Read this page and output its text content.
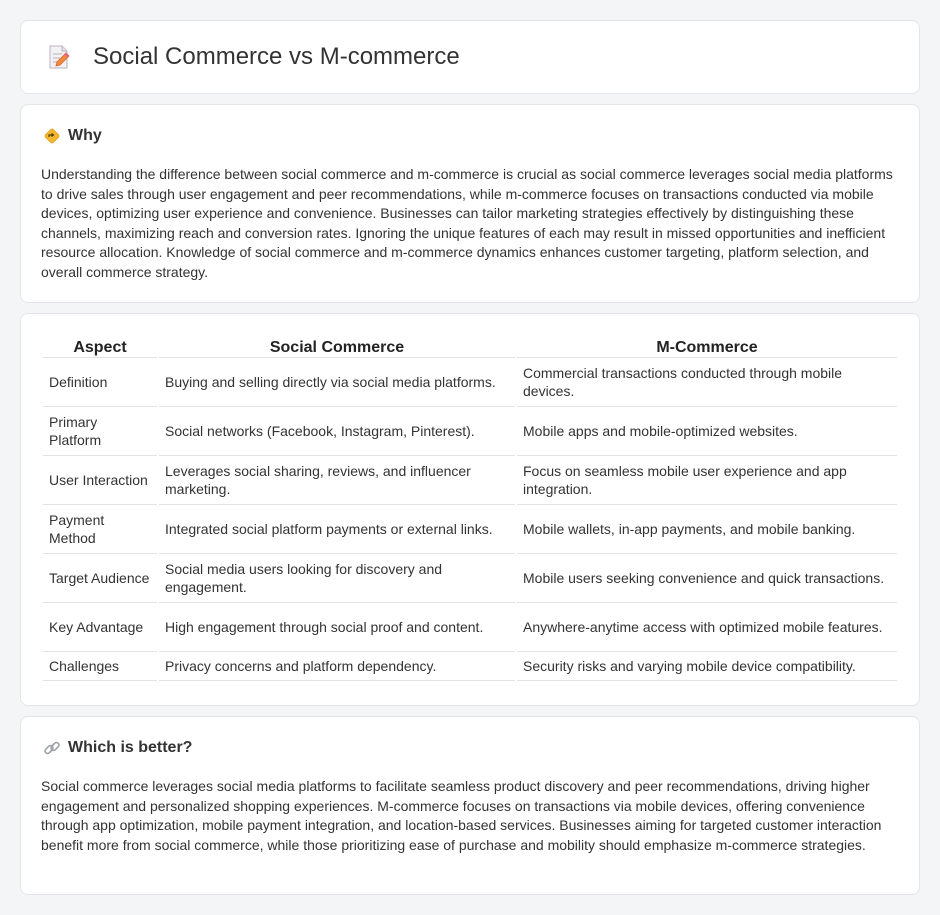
Social Commerce vs M-commerce
Why

Understanding the difference between social commerce and m-commerce is crucial as social commerce leverages social media platforms to drive sales through user engagement and peer recommendations, while m-commerce focuses on transactions conducted via mobile devices, optimizing user experience and convenience. Businesses can tailor marketing strategies effectively by distinguishing these channels, maximizing reach and conversion rates. Ignoring the unique features of each may result in missed opportunities and inefficient resource allocation. Knowledge of social commerce and m-commerce dynamics enhances customer targeting, platform selection, and overall commerce strategy.

Aspect	Social Commerce	M-Commerce
Definition	Buying and selling directly via social media platforms.	Commercial transactions conducted through mobile devices.
Primary Platform	Social networks (Facebook, Instagram, Pinterest).	Mobile apps and mobile-optimized websites.
User Interaction	Leverages social sharing, reviews, and influencer marketing.	Focus on seamless mobile user experience and app integration.
Payment Method	Integrated social platform payments or external links.	Mobile wallets, in-app payments, and mobile banking.
Target Audience	Social media users looking for discovery and engagement.	Mobile users seeking convenience and quick transactions.
Key Advantage	High engagement through social proof and content.	Anywhere-anytime access with optimized mobile features.
Challenges	Privacy concerns and platform dependency.	Security risks and varying mobile device compatibility.
Which is better?

Social commerce leverages social media platforms to facilitate seamless product discovery and peer recommendations, driving higher engagement and personalized shopping experiences. M-commerce focuses on transactions via mobile devices, offering convenience through app optimization, mobile payment integration, and location-based services. Businesses aiming for targeted customer interaction benefit more from social commerce, while those prioritizing ease of purchase and mobility should emphasize m-commerce strategies.
